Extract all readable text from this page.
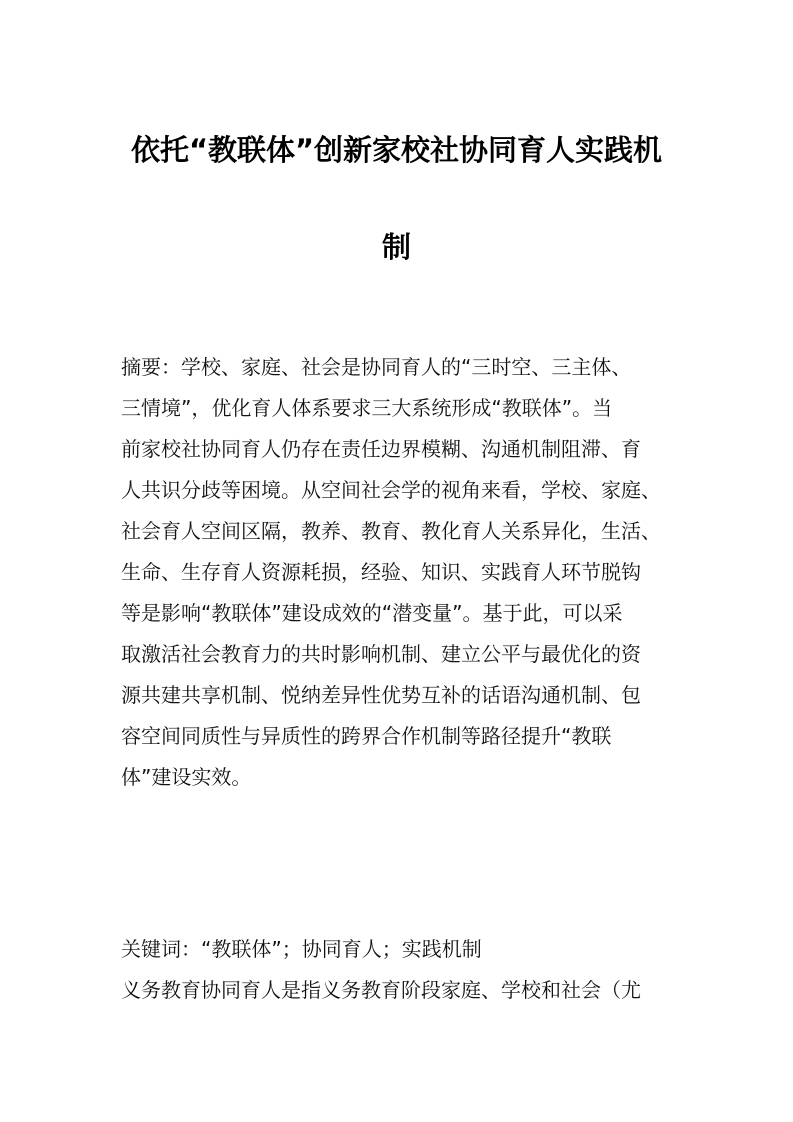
依托“教联体”创新家校社协同育人实践机
制
摘要：学校、家庭、社会是协同育人的“三时空、三主体、
三情境”，优化育人体系要求三大系统形成“教联体”。当
前家校社协同育人仍存在责任边界模糊、沟通机制阻滞、育
人共识分歧等困境。从空间社会学的视角来看，学校、家庭、
社会育人空间区隔，教养、教育、教化育人关系异化，生活、
生命、生存育人资源耗损，经验、知识、实践育人环节脱钩
等是影响“教联体”建设成效的“潜变量”。基于此，可以采
取激活社会教育力的共时影响机制、建立公平与最优化的资
源共建共享机制、悦纳差异性优势互补的话语沟通机制、包
容空间同质性与异质性的跨界合作机制等路径提升“教联
体”建设实效。
关键词：“教联体”；协同育人；实践机制
义务教育协同育人是指义务教育阶段家庭、学校和社会（尤
